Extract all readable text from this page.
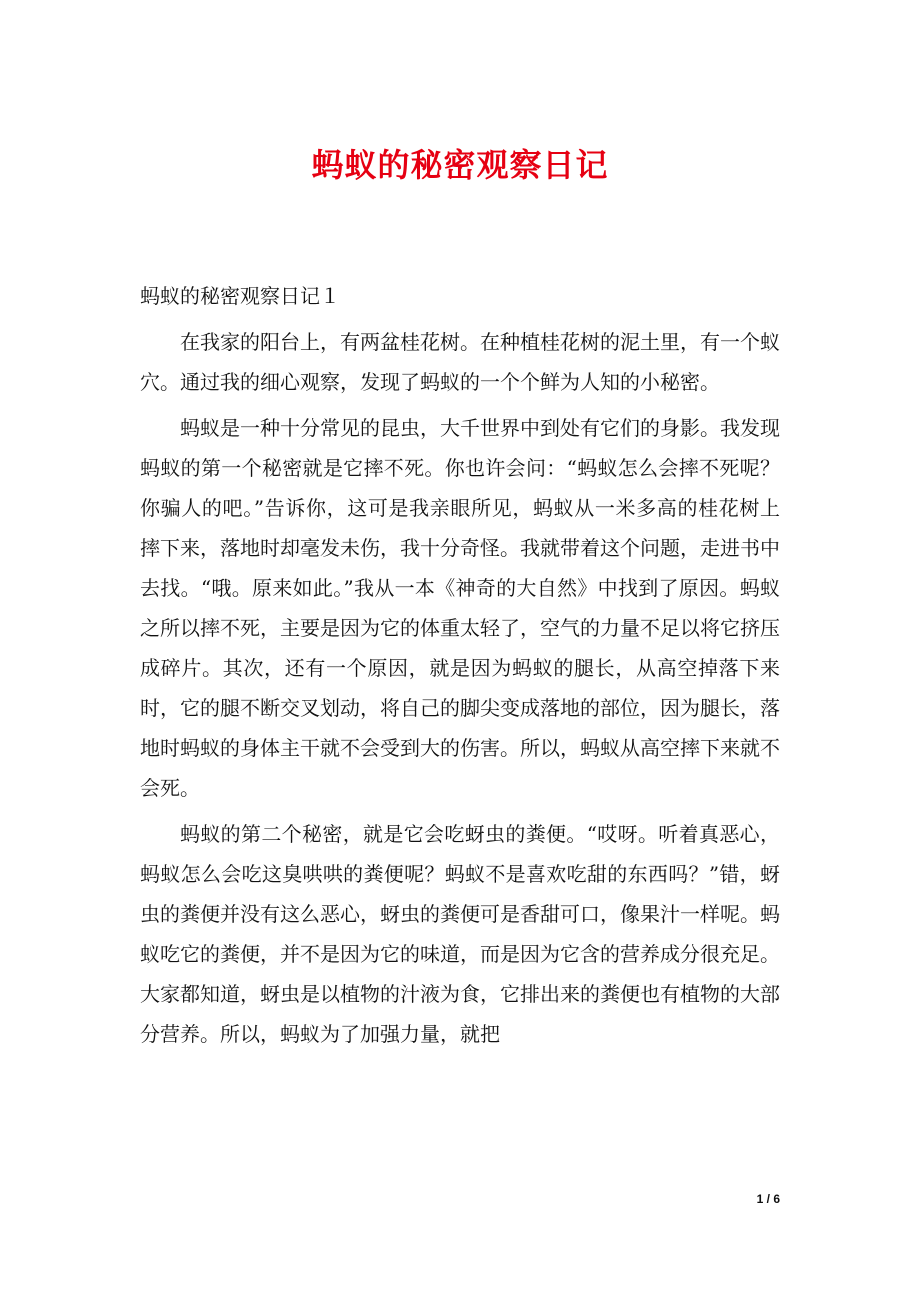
蚂蚁的秘密观察日记

蚂蚁的秘密观察日记１

在我家的阳台上，有两盆桂花树。在种植桂花树的泥土里，有一个蚁穴。通过我的细心观察，发现了蚂蚁的一个个鲜为人知的小秘密。

蚂蚁是一种十分常见的昆虫，大千世界中到处有它们的身影。我发现蚂蚁的第一个秘密就是它摔不死。你也许会问：“蚂蚁怎么会摔不死呢？你骗人的吧。”告诉你，这可是我亲眼所见，蚂蚁从一米多高的桂花树上摔下来，落地时却毫发未伤，我十分奇怪。我就带着这个问题，走进书中去找。“哦。原来如此。”我从一本《神奇的大自然》中找到了原因。蚂蚁之所以摔不死，主要是因为它的体重太轻了，空气的力量不足以将它挤压成碎片。其次，还有一个原因，就是因为蚂蚁的腿长，从高空掉落下来时，它的腿不断交叉划动，将自己的脚尖变成落地的部位，因为腿长，落地时蚂蚁的身体主干就不会受到大的伤害。所以，蚂蚁从高空摔下来就不会死。

蚂蚁的第二个秘密，就是它会吃蚜虫的粪便。“哎呀。听着真恶心，蚂蚁怎么会吃这臭哄哄的粪便呢？蚂蚁不是喜欢吃甜的东西吗？”错，蚜虫的粪便并没有这么恶心，蚜虫的粪便可是香甜可口，像果汁一样呢。蚂蚁吃它的粪便，并不是因为它的味道，而是因为它含的营养成分很充足。大家都知道，蚜虫是以植物的汁液为食，它排出来的粪便也有植物的大部分营养。所以，蚂蚁为了加强力量，就把

1 / 6
